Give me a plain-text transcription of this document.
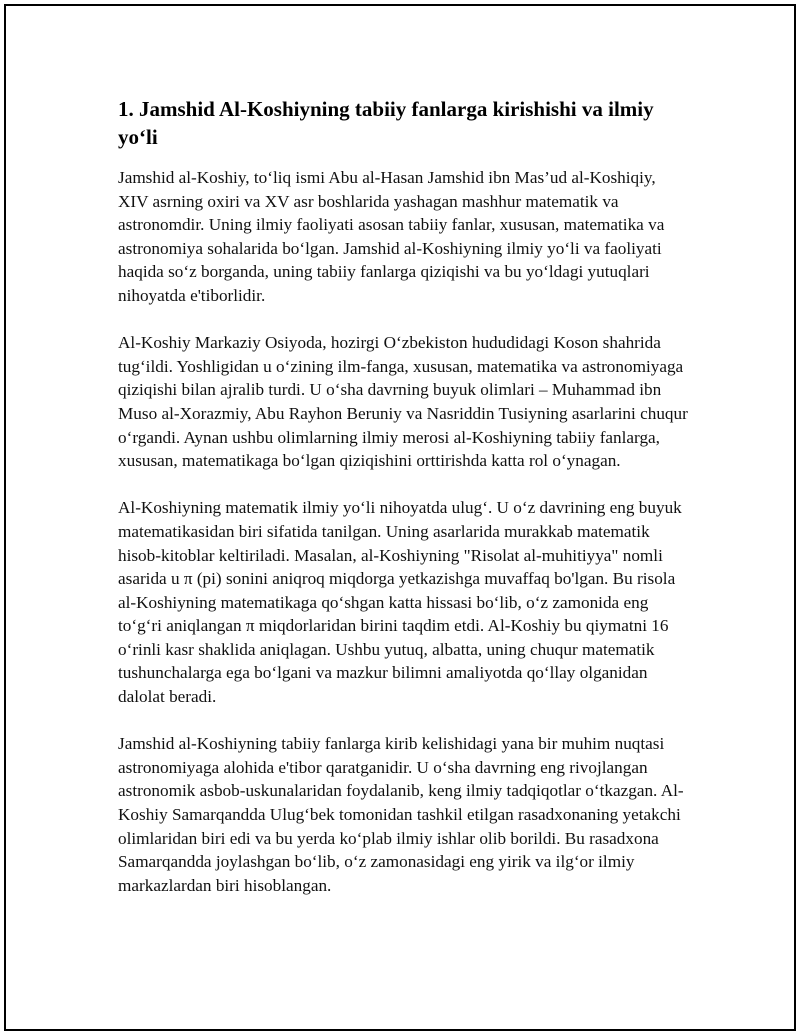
1. Jamshid Al-Koshiyning tabiiy fanlarga kirishishi va ilmiy yo‘li

Jamshid al-Koshiy, to‘liq ismi Abu al-Hasan Jamshid ibn Mas’ud al-Koshiqiy, XIV asrning oxiri va XV asr boshlarida yashagan mashhur matematik va astronomdir. Uning ilmiy faoliyati asosan tabiiy fanlar, xususan, matematika va astronomiya sohalarida bo‘lgan. Jamshid al-Koshiyning ilmiy yo‘li va faoliyati haqida so‘z borganda, uning tabiiy fanlarga qiziqishi va bu yo‘ldagi yutuqlari nihoyatda e'tiborlidir.

Al-Koshiy Markaziy Osiyoda, hozirgi O‘zbekiston hududidagi Koson shahrida tug‘ildi. Yoshligidan u o‘zining ilm-fanga, xususan, matematika va astronomiyaga qiziqishi bilan ajralib turdi. U o‘sha davrning buyuk olimlari – Muhammad ibn Muso al-Xorazmiy, Abu Rayhon Beruniy va Nasriddin Tusiyning asarlarini chuqur o‘rgandi. Aynan ushbu olimlarning ilmiy merosi al-Koshiyning tabiiy fanlarga, xususan, matematikaga bo‘lgan qiziqishini orttirishda katta rol o‘ynagan.

Al-Koshiyning matematik ilmiy yo‘li nihoyatda ulug‘. U o‘z davrining eng buyuk matematikasidan biri sifatida tanilgan. Uning asarlarida murakkab matematik hisob-kitoblar keltiriladi. Masalan, al-Koshiyning "Risolat al-muhitiyya" nomli asarida u π (pi) sonini aniqroq miqdorga yetkazishga muvaffaq bo'lgan. Bu risola al-Koshiyning matematikaga qo‘shgan katta hissasi bo‘lib, o‘z zamonida eng to‘g‘ri aniqlangan π miqdorlaridan birini taqdim etdi. Al-Koshiy bu qiymatni 16 o‘rinli kasr shaklida aniqlagan. Ushbu yutuq, albatta, uning chuqur matematik tushunchalarga ega bo‘lgani va mazkur bilimni amaliyotda qo‘llay olganidan dalolat beradi.

Jamshid al-Koshiyning tabiiy fanlarga kirib kelishidagi yana bir muhim nuqtasi astronomiyaga alohida e'tibor qaratganidir. U o‘sha davrning eng rivojlangan astronomik asbob-uskunalaridan foydalanib, keng ilmiy tadqiqotlar o‘tkazgan. Al-Koshiy Samarqandda Ulug‘bek tomonidan tashkil etilgan rasadxonaning yetakchi olimlaridan biri edi va bu yerda ko‘plab ilmiy ishlar olib borildi. Bu rasadxona Samarqandda joylashgan bo‘lib, o‘z zamonasidagi eng yirik va ilg‘or ilmiy markazlardan biri hisoblangan.
